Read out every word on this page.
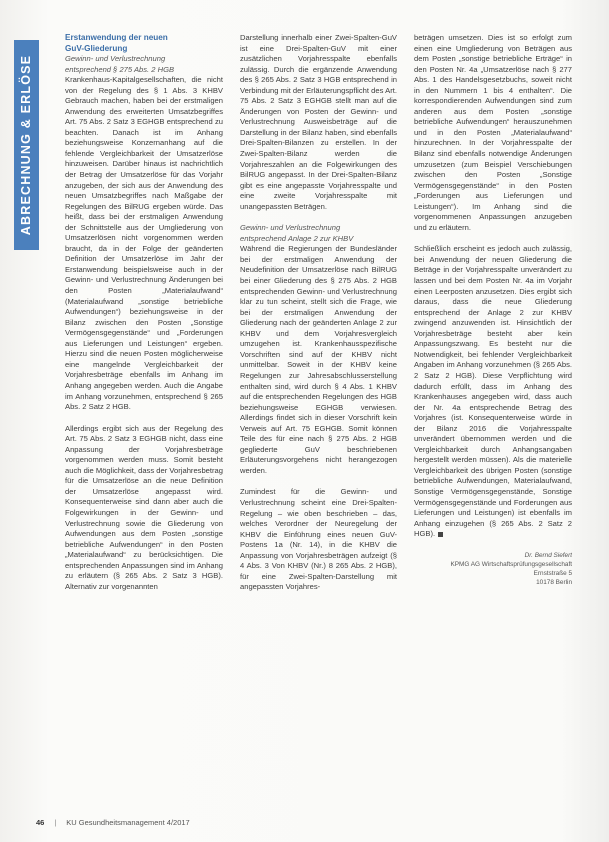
ABRECHNUNG & ERLÖSE
Erstanwendung der neuen
GuV-Gliederung
Gewinn- und Verlustrechnung
entsprechend § 275 Abs. 2 HGB

Krankenhaus-Kapitalgesellschaften, die nicht von der Regelung des § 1 Abs. 3 KHBV Gebrauch machen, haben bei der erstmaligen Anwendung des erweiterten Umsatzbegriffes Art. 75 Abs. 2 Satz 3 EGHGB entsprechend zu beachten. Danach ist im Anhang beziehungsweise Konzernanhang auf die fehlende Vergleichbarkeit der Umsatzerlöse hinzuweisen. Darüber hinaus ist nachrichtlich der Betrag der Umsatzerlöse für das Vorjahr anzugeben, der sich aus der Anwendung des neuen Umsatzbegriffes nach Maßgabe der Regelungen des BilRUG ergeben würde. Das heißt, dass bei der erstmaligen Anwendung der Schnittstelle aus der Umgliederung von Umsatzerlösen nicht vorgenommen werden braucht, da in der Folge der geänderten Definition der Umsatzerlöse im Jahr der Erstanwendung beispielsweise auch in der Gewinn- und Verlustrechnung Änderungen bei den Posten „Materialaufwand“ (Materialaufwand „sonstige betriebliche Aufwendungen“) beziehungsweise in der Bilanz zwischen den Posten „Sonstige Vermögensgegenstände“ und „Forderungen aus Lieferungen und Leistungen“ ergeben. Hierzu sind die neuen Posten möglicherweise eine mangelnde Vergleichbarkeit der Vorjahresbeträge ebenfalls im Anhang im Anhang angegeben werden. Auch die Angabe im Anhang vorzunehmen, entsprechend § 265 Abs. 2 Satz 2 HGB.

Allerdings ergibt sich aus der Regelung des Art. 75 Abs. 2 Satz 3 EGHGB nicht, dass eine Anpassung der Vorjahresbeträge vorgenommen werden muss. Somit besteht auch die Möglichkeit, dass der Vorjahresbetrag für die Umsatzerlöse an die neue Definition der Umsatzerlöse angepasst wird. Konsequenterweise sind dann aber auch die Folgewirkungen in der Gewinn- und Verlustrechnung sowie die Gliederung von Aufwendungen aus dem Posten „sonstige betriebliche Aufwendungen“ in den Posten „Materialaufwand“ zu berücksichtigen. Die entsprechenden Anpassungen sind im Anhang zu erläutern (§ 265 Abs. 2 Satz 3 HGB). Alternativ zur vorgenannten

Darstellung innerhalb einer Zwei-Spalten-GuV ist eine Drei-Spalten-GuV mit einer zusätzlichen Vorjahresspalte ebenfalls zulässig. Durch die ergänzende Anwendung des § 265 Abs. 2 Satz 3 HGB entsprechend in Verbindung mit der Erläuterungspflicht des Art. 75 Abs. 2 Satz 3 EGHGB stellt man auf die Änderungen von Posten der Gewinn- und Verlustrechnung Ausweisbeträge auf die Darstellung in der Bilanz haben, sind ebenfalls Drei-Spalten-Bilanzen zu erstellen. In der Zwei-Spalten-Bilanz werden die Vorjahreszahlen an die Folgewirkungen des BilRUG angepasst. In der Drei-Spalten-Bilanz gibt es eine angepasste Vorjahresspalte und eine zweite Vorjahresspalte mit unangepassten Beträgen.

Gewinn- und Verlustrechnung
entsprechend Anlage 2 zur KHBV

Während die Regierungen der Bundesländer bei der erstmaligen Anwendung der Neudefinition der Umsatzerlöse nach BilRUG bei einer Gliederung des § 275 Abs. 2 HGB entsprechenden Gewinn- und Verlustrechnung klar zu tun scheint, stellt sich die Frage, wie bei der erstmaligen Anwendung der Gliederung nach der geänderten Anlage 2 zur KHBV und dem Vorjahresvergleich umzugehen ist. Krankenhausspezifische Vorschriften sind auf der KHBV nicht unmittelbar. Soweit in der KHBV keine Regelungen zur Jahresabschlusserstellung enthalten sind, wird durch § 4 Abs. 1 KHBV auf die entsprechenden Regelungen des HGB beziehungsweise EGHGB verwiesen. Allerdings findet sich in dieser Vorschrift kein Verweis auf Art. 75 EGHGB. Somit können Teile des für eine nach § 275 Abs. 2 HGB gegliederte GuV beschriebenen Erläuterungsvorgehens nicht herangezogen werden.

Zumindest für die Gewinn- und Verlustrechnung scheint eine Drei-Spalten-Regelung – wie oben beschrieben – das, welches Verordner der Neuregelung der KHBV die Einführung eines neuen GuV-Postens 1a (Nr. 14), in die KHBV die Anpassung von Vorjahresbeträgen aufzeigt (§ 4 Abs. 3 Von KHBV (Nr.) 8 265 Abs. 2 HGB), für eine Zwei-Spalten-Darstellung mit angepassten Vorjahres-

beträgen umsetzen. Dies ist so erfolgt zum einen eine Umgliederung von Beträgen aus dem Posten „sonstige betriebliche Erträge“ in den Posten Nr. 4a „Umsatzerlöse nach § 277 Abs. 1 des Handelsgesetzbuchs, soweit nicht in den Nummern 1 bis 4 enthalten“. Die korrespondierenden Aufwendungen sind zum anderen aus dem Posten „sonstige betriebliche Aufwendungen“ herauszunehmen und in den Posten „Materialaufwand“ hinzurechnen. In der Vorjahresspalte der Bilanz sind ebenfalls notwendige Änderungen umzusetzen (zum Beispiel Verschiebungen zwischen den Posten „Sonstige Vermögensgegenstände“ in den Posten „Forderungen aus Lieferungen und Leistungen“). Im Anhang sind die vorgenommenen Anpassungen anzugeben und zu erläutern.

Schließlich erscheint es jedoch auch zulässig, bei Anwendung der neuen Gliederung die Beträge in der Vorjahresspalte unverändert zu lassen und bei dem Posten Nr. 4a im Vorjahr einen Leerposten anzusetzen. Dies ergibt sich daraus, dass die neue Gliederung entsprechend der Anlage 2 zur KHBV zwingend anzuwenden ist. Hinsichtlich der Vorjahresbeträge besteht aber kein Anpassungszwang. Es besteht nur die Notwendigkeit, bei fehlender Vergleichbarkeit Angaben im Anhang vorzunehmen (§ 265 Abs. 2 Satz 2 HGB). Diese Verpflichtung wird dadurch erfüllt, dass im Anhang des Krankenhauses angegeben wird, dass auch der Nr. 4a entsprechende Betrag des Vorjahres (ist. Konsequenterweise würde in der Bilanz 2016 die Vorjahresspalte unverändert übernommen werden und die Vergleichbarkeit durch Anhangsangaben hergestellt werden müssen). Als die materielle Vergleichbarkeit des übrigen Posten (sonstige betriebliche Aufwendungen, Materialaufwand, Sonstige Vermögensgegenstände, Sonstige Vermögensgegenstände und Forderungen aus Lieferungen und Leistungen) ist ebenfalls im Anhang einzugehen (§ 265 Abs. 2 Satz 2 HGB).

Dr. Bernd Siefert
KPMG AG Wirtschaftsprüfungsgesellschaft
Ernststraße 5
10178 Berlin
46 | KU Gesundheitsmanagement 4/2017
